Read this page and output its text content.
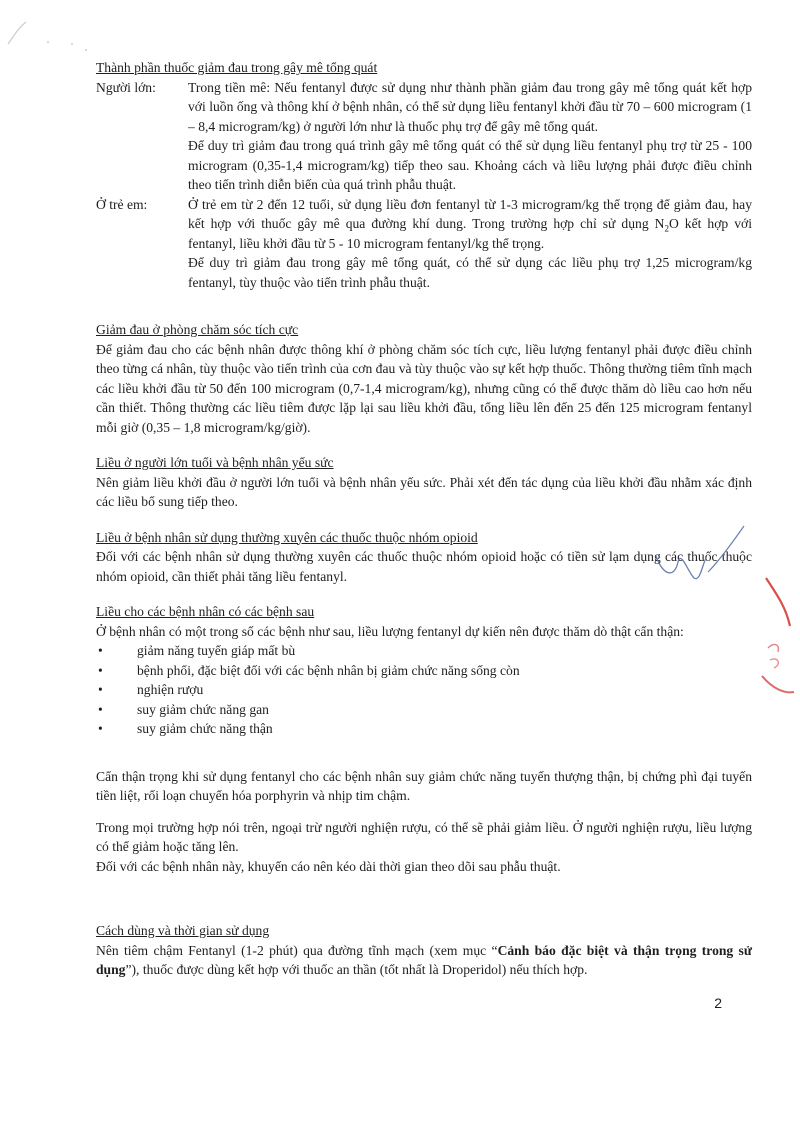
Thành phần thuốc giảm đau trong gây mê tổng quát
Người lớn:	Trong tiền mê: Nếu fentanyl được sử dụng như thành phần giảm đau trong gây mê tổng quát kết hợp với luồn ống và thông khí ở bệnh nhân, có thể sử dụng liều fentanyl khởi đầu từ 70 – 600 microgram (1 – 8,4 microgram/kg) ở người lớn như là thuốc phụ trợ để gây mê tổng quát.
Để duy trì giảm đau trong quá trình gây mê tổng quát có thể sử dụng liều fentanyl phụ trợ từ 25 - 100 microgram (0,35-1,4 microgram/kg) tiếp theo sau. Khoảng cách và liều lượng phải được điều chỉnh theo tiến trình diễn biến của quá trình phẫu thuật.
Ở trẻ em:	Ở trẻ em từ 2 đến 12 tuổi, sử dụng liều đơn fentanyl từ 1-3 microgram/kg thể trọng để giảm đau, hay kết hợp với thuốc gây mê qua đường khí dung. Trong trường hợp chỉ sử dụng $N_2O$ kết hợp với fentanyl, liều khởi đầu từ 5 - 10 microgram fentanyl/kg thể trọng.
Để duy trì giảm đau trong gây mê tổng quát, có thể sử dụng các liều phụ trợ 1,25 microgram/kg fentanyl, tùy thuộc vào tiến trình phẫu thuật.
Giảm đau ở phòng chăm sóc tích cực
Để giảm đau cho các bệnh nhân được thông khí ở phòng chăm sóc tích cực, liều lượng fentanyl phải được điều chỉnh theo từng cá nhân, tùy thuộc vào tiến trình của cơn đau và tùy thuộc vào sự kết hợp thuốc. Thông thường tiêm tĩnh mạch các liều khởi đầu từ 50 đến 100 microgram (0,7-1,4 microgram/kg), nhưng cũng có thể được thăm dò liều cao hơn nếu cần thiết. Thông thường các liều tiêm được lặp lại sau liều khởi đầu, tổng liều lên đến 25 đến 125 microgram fentanyl mỗi giờ (0,35 – 1,8 microgram/kg/giờ).
Liều ở người lớn tuổi và bệnh nhân yếu sức
Nên giảm liều khởi đầu ở người lớn tuổi và bệnh nhân yếu sức. Phải xét đến tác dụng của liều khởi đầu nhằm xác định các liều bổ sung tiếp theo.
Liều ở bệnh nhân sử dụng thường xuyên các thuốc thuộc nhóm opioid
Đối với các bệnh nhân sử dụng thường xuyên các thuốc thuộc nhóm opioid hoặc có tiền sử lạm dụng các thuốc thuộc nhóm opioid, cần thiết phải tăng liều fentanyl.
Liều cho các bệnh nhân có các bệnh sau
Ở bệnh nhân có một trong số các bệnh như sau, liều lượng fentanyl dự kiến nên được thăm dò thật cẩn thận:
• giảm năng tuyến giáp mất bù
• bệnh phổi, đặc biệt đối với các bệnh nhân bị giảm chức năng sống còn
• nghiện rượu
• suy giảm chức năng gan
• suy giảm chức năng thận
Cẩn thận trọng khi sử dụng fentanyl cho các bệnh nhân suy giảm chức năng tuyến thượng thận, bị chứng phì đại tuyến tiền liệt, rối loạn chuyển hóa porphyrin và nhịp tim chậm.
Trong mọi trường hợp nói trên, ngoại trừ người nghiện rượu, có thể sẽ phải giảm liều. Ở người nghiện rượu, liều lượng có thể giảm hoặc tăng lên.
Đối với các bệnh nhân này, khuyến cáo nên kéo dài thời gian theo dõi sau phẫu thuật.
Cách dùng và thời gian sử dụng
Nên tiêm chậm Fentanyl (1-2 phút) qua đường tĩnh mạch (xem mục “Cảnh báo đặc biệt và thận trọng trong sử dụng”), thuốc được dùng kết hợp với thuốc an thần (tốt nhất là Droperidol) nếu thích hợp.
2
